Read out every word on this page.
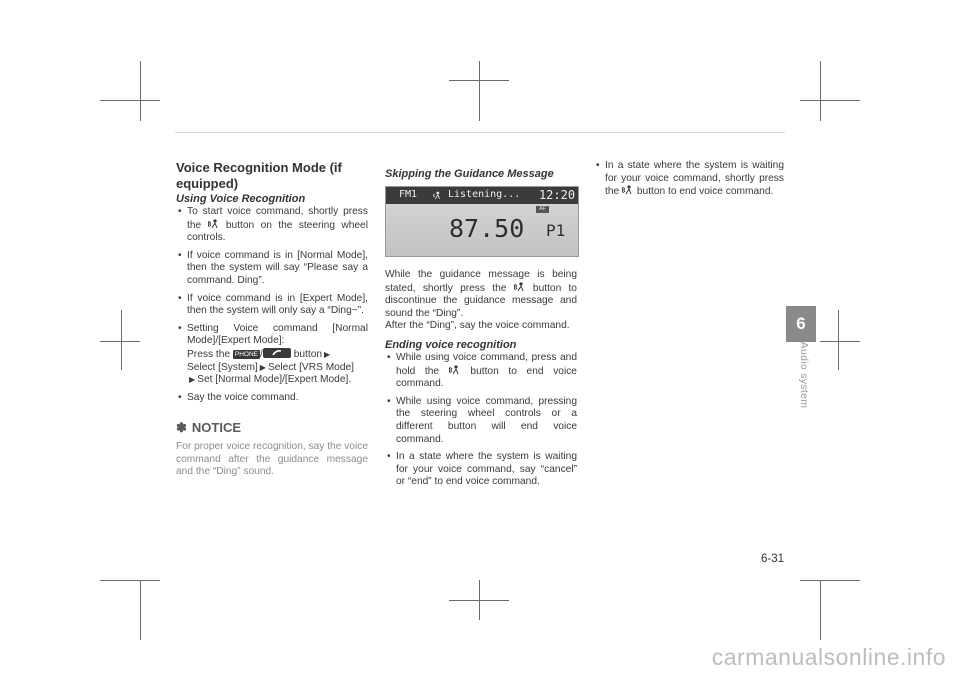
Voice Recognition Mode (if equipped)

Using Voice Recognition

• To start voice command, shortly press the button on the steering wheel controls.
• If voice command is in [Normal Mode], then the system will say “Please say a command. Ding”.
• If voice command is in [Expert Mode], then the system will only say a “Ding~”.
• Setting Voice command [Normal Mode]/[Expert Mode]:
Press the PHONE /	button ▶
Select [System] ▶ Select [VRS Mode]
▶ Set [Normal Mode]/[Expert Mode].
• Say the voice command.
✽ NOTICE

For proper voice recognition, say the voice command after the guidance message and the “Ding” sound.

Skipping the Guidance Message

FM1	Listening... 12:20
AF
87.50 P1

While the guidance message is being stated, shortly press the	button to discontinue the guidance message and sound the “Ding”.

After the “Ding”, say the voice command.

Ending voice recognition

• While using voice command, press and hold the	button to end voice command.
• While using voice command, pressing the steering wheel controls or a different button will end voice command.
• In a state where the system is waiting for your voice command, say “cancel” or “end” to end voice command.
• In a state where the system is waiting for your voice command, shortly press the button to end voice command.
6
Audio system
6-31
carmanualsonline.info
